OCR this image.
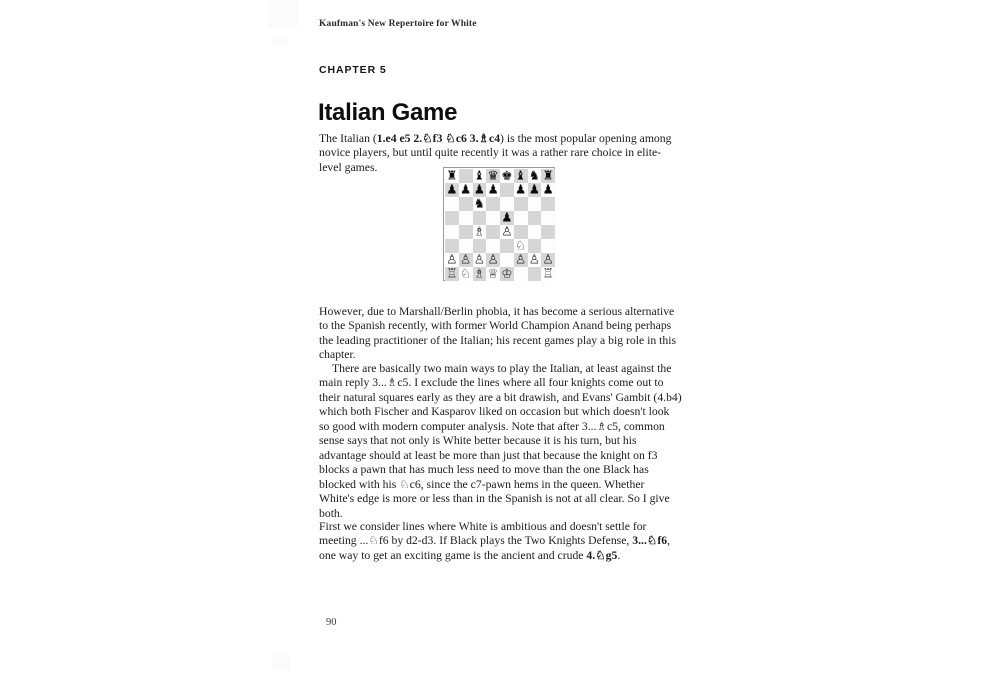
Kaufman's New Repertoire for White
CHAPTER 5
Italian Game

The Italian (1.e4 e5 2.♘f3 ♘c6 3.♗c4) is the most popular opening among novice players, but until quite recently it was a rather rare choice in elite-level games.

♜ ♝ ♛ ♚ ♝ ♞ ♜
♟ ♟ ♟ ♟ ♟ ♟ ♟
♞
♟
♗ ♙
♘
♙ ♙ ♙ ♙ ♙ ♙ ♙
♖ ♘ ♗ ♕ ♔ ♖

However, due to Marshall/Berlin phobia, it has become a serious alternative to the Spanish recently, with former World Champion Anand being perhaps the leading practitioner of the Italian; his recent games play a big role in this chapter.

There are basically two main ways to play the Italian, at least against the main reply 3...♗c5. I exclude the lines where all four knights come out to their natural squares early as they are a bit drawish, and Evans' Gambit (4.b4) which both Fischer and Kasparov liked on occasion but which doesn't look so good with modern computer analysis. Note that after 3...♗c5, common sense says that not only is White better because it is his turn, but his advantage should at least be more than just that because the knight on f3 blocks a pawn that has much less need to move than the one Black has blocked with his ♘c6, since the c7-pawn hems in the queen. Whether White's edge is more or less than in the Spanish is not at all clear. So I give both.

First we consider lines where White is ambitious and doesn't settle for meeting ...♘f6 by d2-d3. If Black plays the Two Knights Defense, 3...♘f6, one way to get an exciting game is the ancient and crude 4.♘g5.

90
